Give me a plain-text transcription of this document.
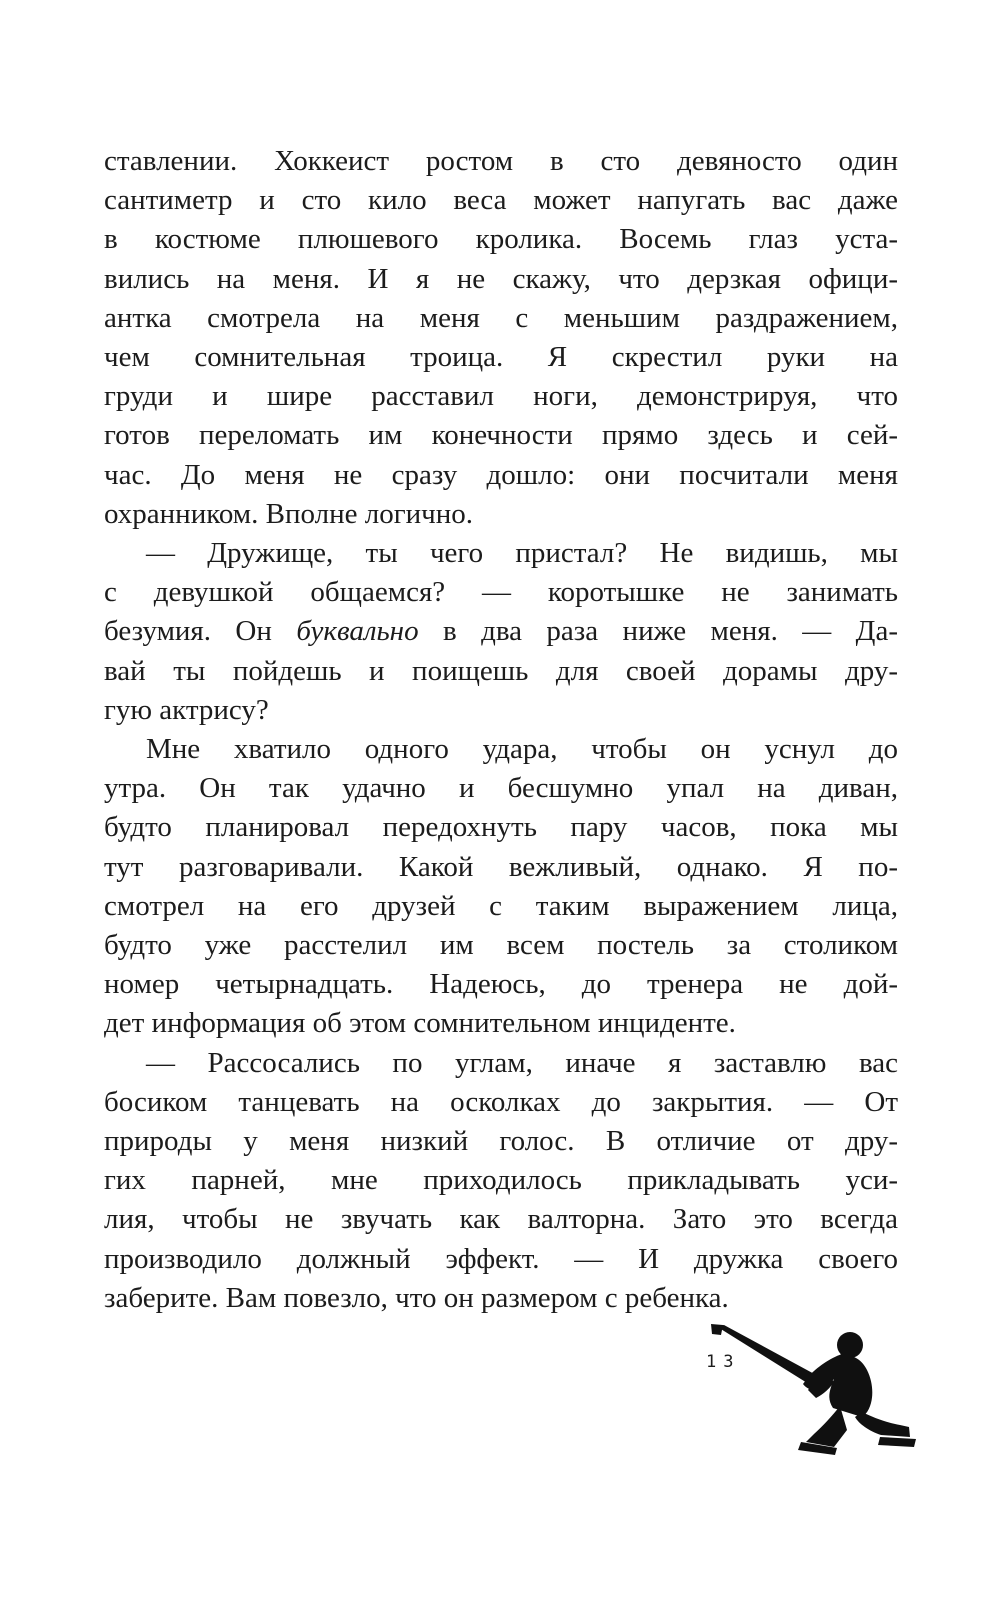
ставлении. Хоккеист ростом в сто девяносто один
сантиметр и сто кило веса может напугать вас даже
в костюме плюшевого кролика. Восемь глаз уста-
вились на меня. И я не скажу, что дерзкая офици-
антка смотрела на меня с меньшим раздражением,
чем сомнительная троица. Я скрестил руки на
груди и шире расставил ноги, демонстрируя, что
готов переломать им конечности прямо здесь и сей-
час. До меня не сразу дошло: они посчитали меня
охранником. Вполне логично.
— Дружище, ты чего пристал? Не видишь, мы
с девушкой общаемся? — коротышке не занимать
безумия. Он буквально в два раза ниже меня. — Да-
вай ты пойдешь и поищешь для своей дорамы дру-
гую актрису?
Мне хватило одного удара, чтобы он уснул до
утра. Он так удачно и бесшумно упал на диван,
будто планировал передохнуть пару часов, пока мы
тут разговаривали. Какой вежливый, однако. Я по-
смотрел на его друзей с таким выражением лица,
будто уже расстелил им всем постель за столиком
номер четырнадцать. Надеюсь, до тренера не дой-
дет информация об этом сомнительном инциденте.
— Рассосались по углам, иначе я заставлю вас
босиком танцевать на осколках до закрытия. — От
природы у меня низкий голос. В отличие от дру-
гих парней, мне приходилось прикладывать уси-
лия, чтобы не звучать как валторна. Зато это всегда
производило должный эффект. — И дружка своего
заберите. Вам повезло, что он размером с ребенка.
13
